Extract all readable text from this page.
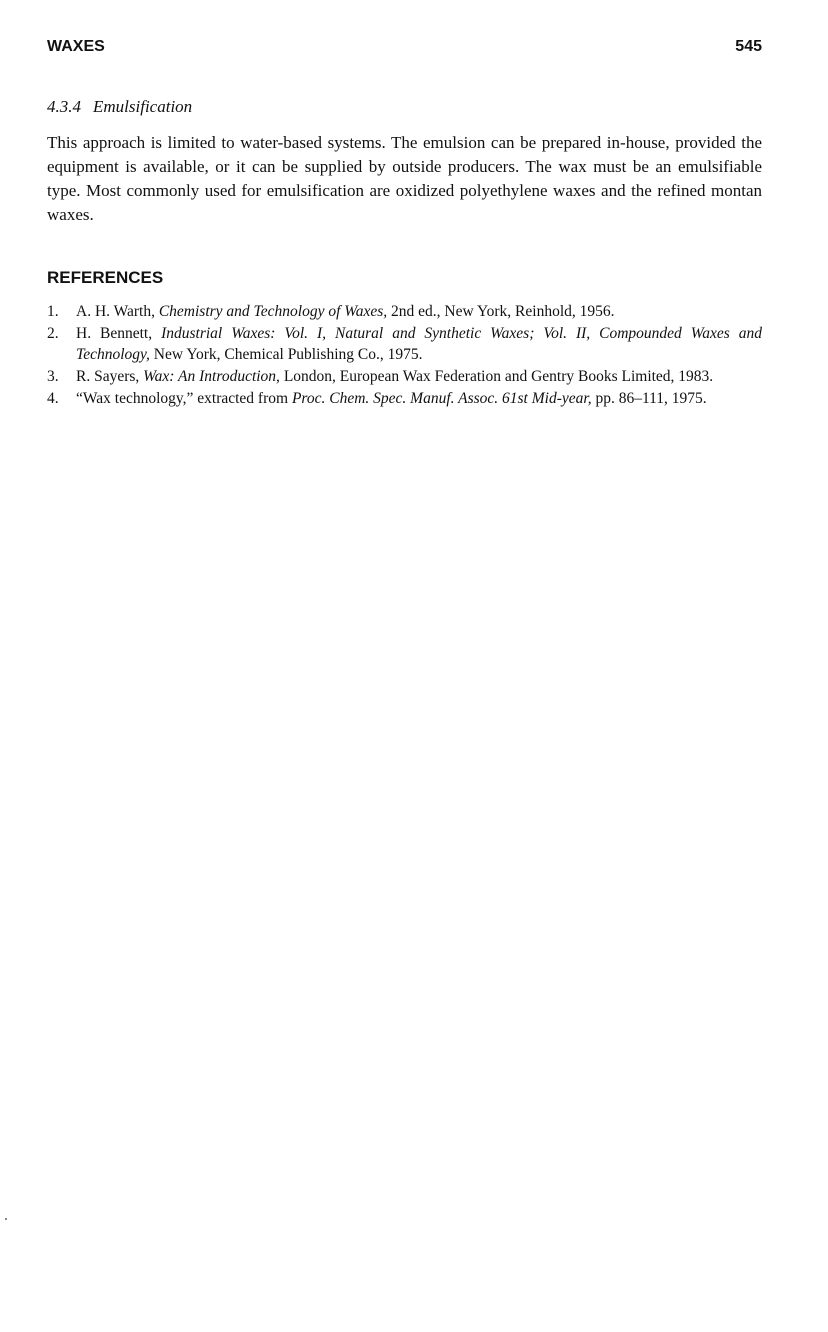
WAXES	545
4.3.4 Emulsification

This approach is limited to water-based systems. The emulsion can be prepared in-house, provided the equipment is available, or it can be supplied by outside producers. The wax must be an emulsifiable type. Most commonly used for emulsification are oxidized polyethylene waxes and the refined montan waxes.

REFERENCES
1. A. H. Warth, Chemistry and Technology of Waxes, 2nd ed., New York, Reinhold, 1956.
2. H. Bennett, Industrial Waxes: Vol. I, Natural and Synthetic Waxes; Vol. II, Compounded Waxes and Technology, New York, Chemical Publishing Co., 1975.
3. R. Sayers, Wax: An Introduction, London, European Wax Federation and Gentry Books Limited, 1983.
4. “Wax technology,” extracted from Proc. Chem. Spec. Manuf. Assoc. 61st Mid-year, pp. 86–111, 1975.
